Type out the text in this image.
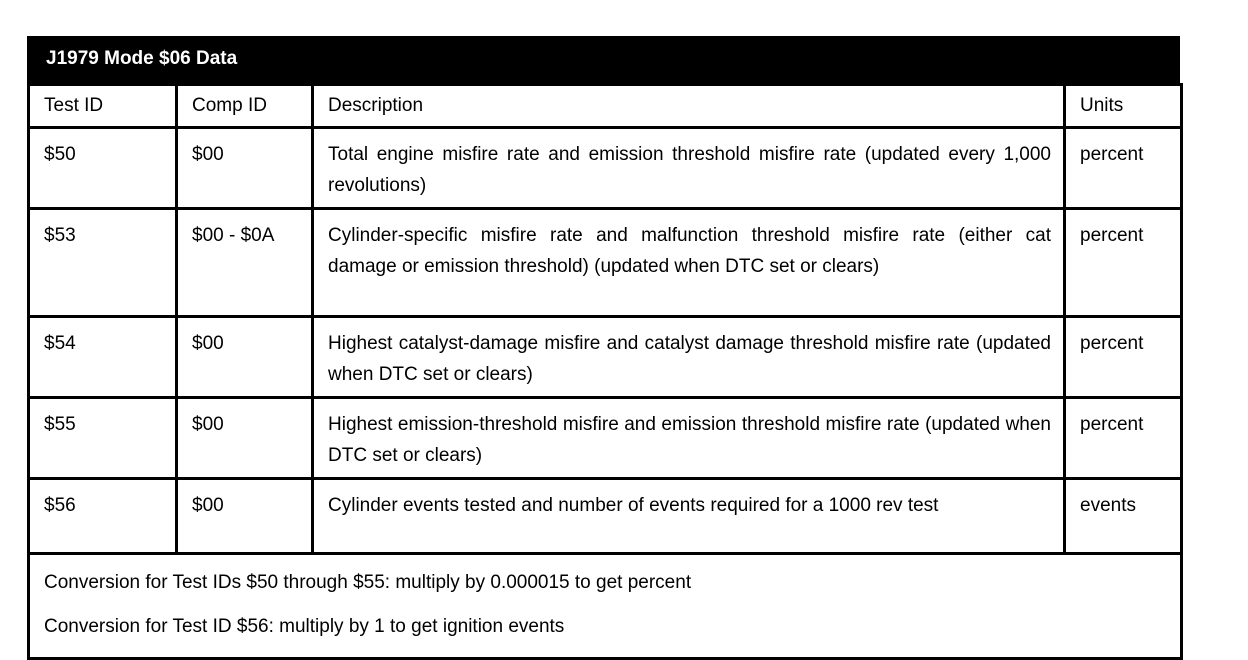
J1979 Mode $06 Data
Test ID	Comp ID	Description	Units
$50	$00	Total engine misfire rate and emission threshold misfire rate (updated every 1,000 revolutions)	percent
$53	$00 - $0A	Cylinder-specific misfire rate and malfunction threshold misfire rate (either cat damage or emission threshold) (updated when DTC set or clears)	percent
$54	$00	Highest catalyst-damage misfire and catalyst damage threshold misfire rate (updated when DTC set or clears)	percent
$55	$00	Highest emission-threshold misfire and emission threshold misfire rate (updated when DTC set or clears)	percent
$56	$00	Cylinder events tested and number of events required for a 1000 rev test	events

Conversion for Test IDs $50 through $55: multiply by 0.000015 to get percent
Conversion for Test ID $56: multiply by 1 to get ignition events			
